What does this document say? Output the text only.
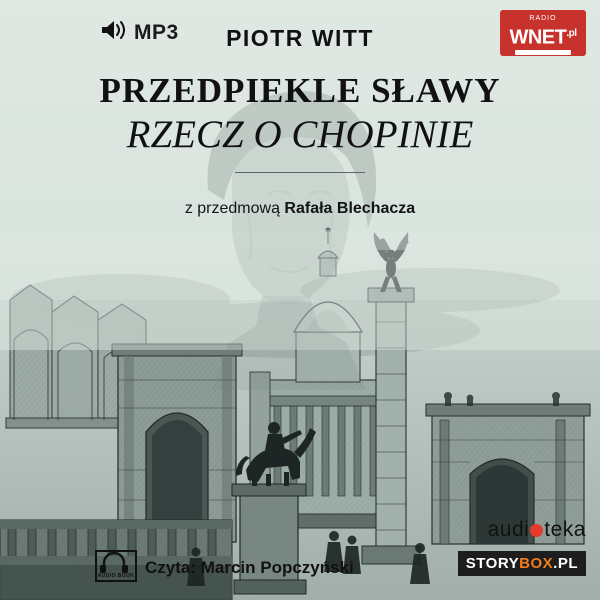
MP3	PIOTR WITT
RADIO
$WNET^{.pl}$
PRZEDPIEKLE SŁAWY
RZECZ O CHOPINIE
z przedmową Rafała Blechacza
audi teka
STORYBOX.PL
Czyta: Marcin Popczyński
AUDIO BOOK
